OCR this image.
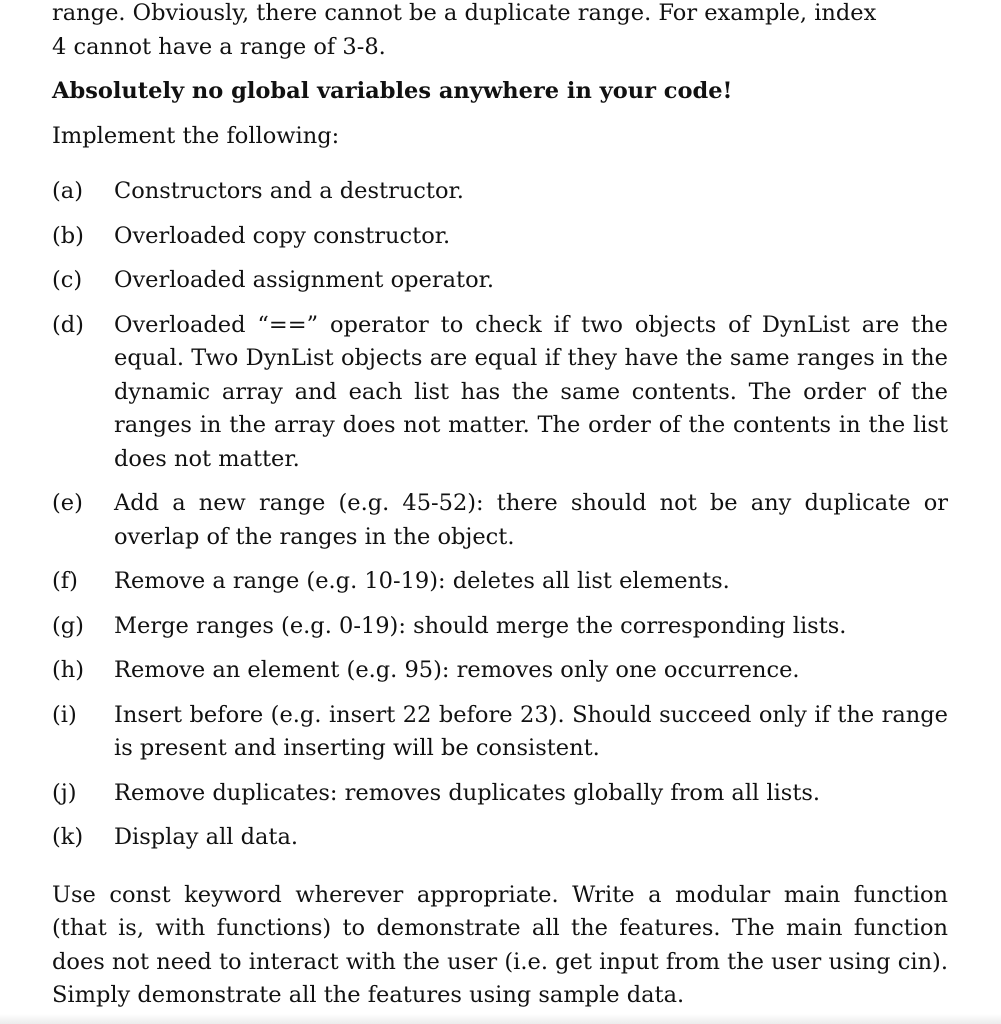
range. Obviously, there cannot be a duplicate range. For example, index
4 cannot have a range of 3-8.

Absolutely no global variables anywhere in your code!

Implement the following:

(a)	Constructors and a destructor.
(b)	Overloaded copy constructor.
(c)	Overloaded assignment operator.
(d)	Overloaded “==” operator to check if two objects of DynList are the equal. Two DynList objects are equal if they have the same ranges in the dynamic array and each list has the same contents. The order of the ranges in the array does not matter. The order of the contents in the list does not matter.
(e)	Add a new range (e.g. 45-52): there should not be any duplicate or overlap of the ranges in the object.
(f)	Remove a range (e.g. 10-19): deletes all list elements.
(g)	Merge ranges (e.g. 0-19): should merge the corresponding lists.
(h)	Remove an element (e.g. 95): removes only one occurrence.
(i)	Insert before (e.g. insert 22 before 23). Should succeed only if the range is present and inserting will be consistent.
(j)	Remove duplicates: removes duplicates globally from all lists.
(k)	Display all data.

Use const keyword wherever appropriate. Write a modular main function (that is, with functions) to demonstrate all the features. The main function does not need to interact with the user (i.e. get input from the user using cin). Simply demonstrate all the features using sample data.
